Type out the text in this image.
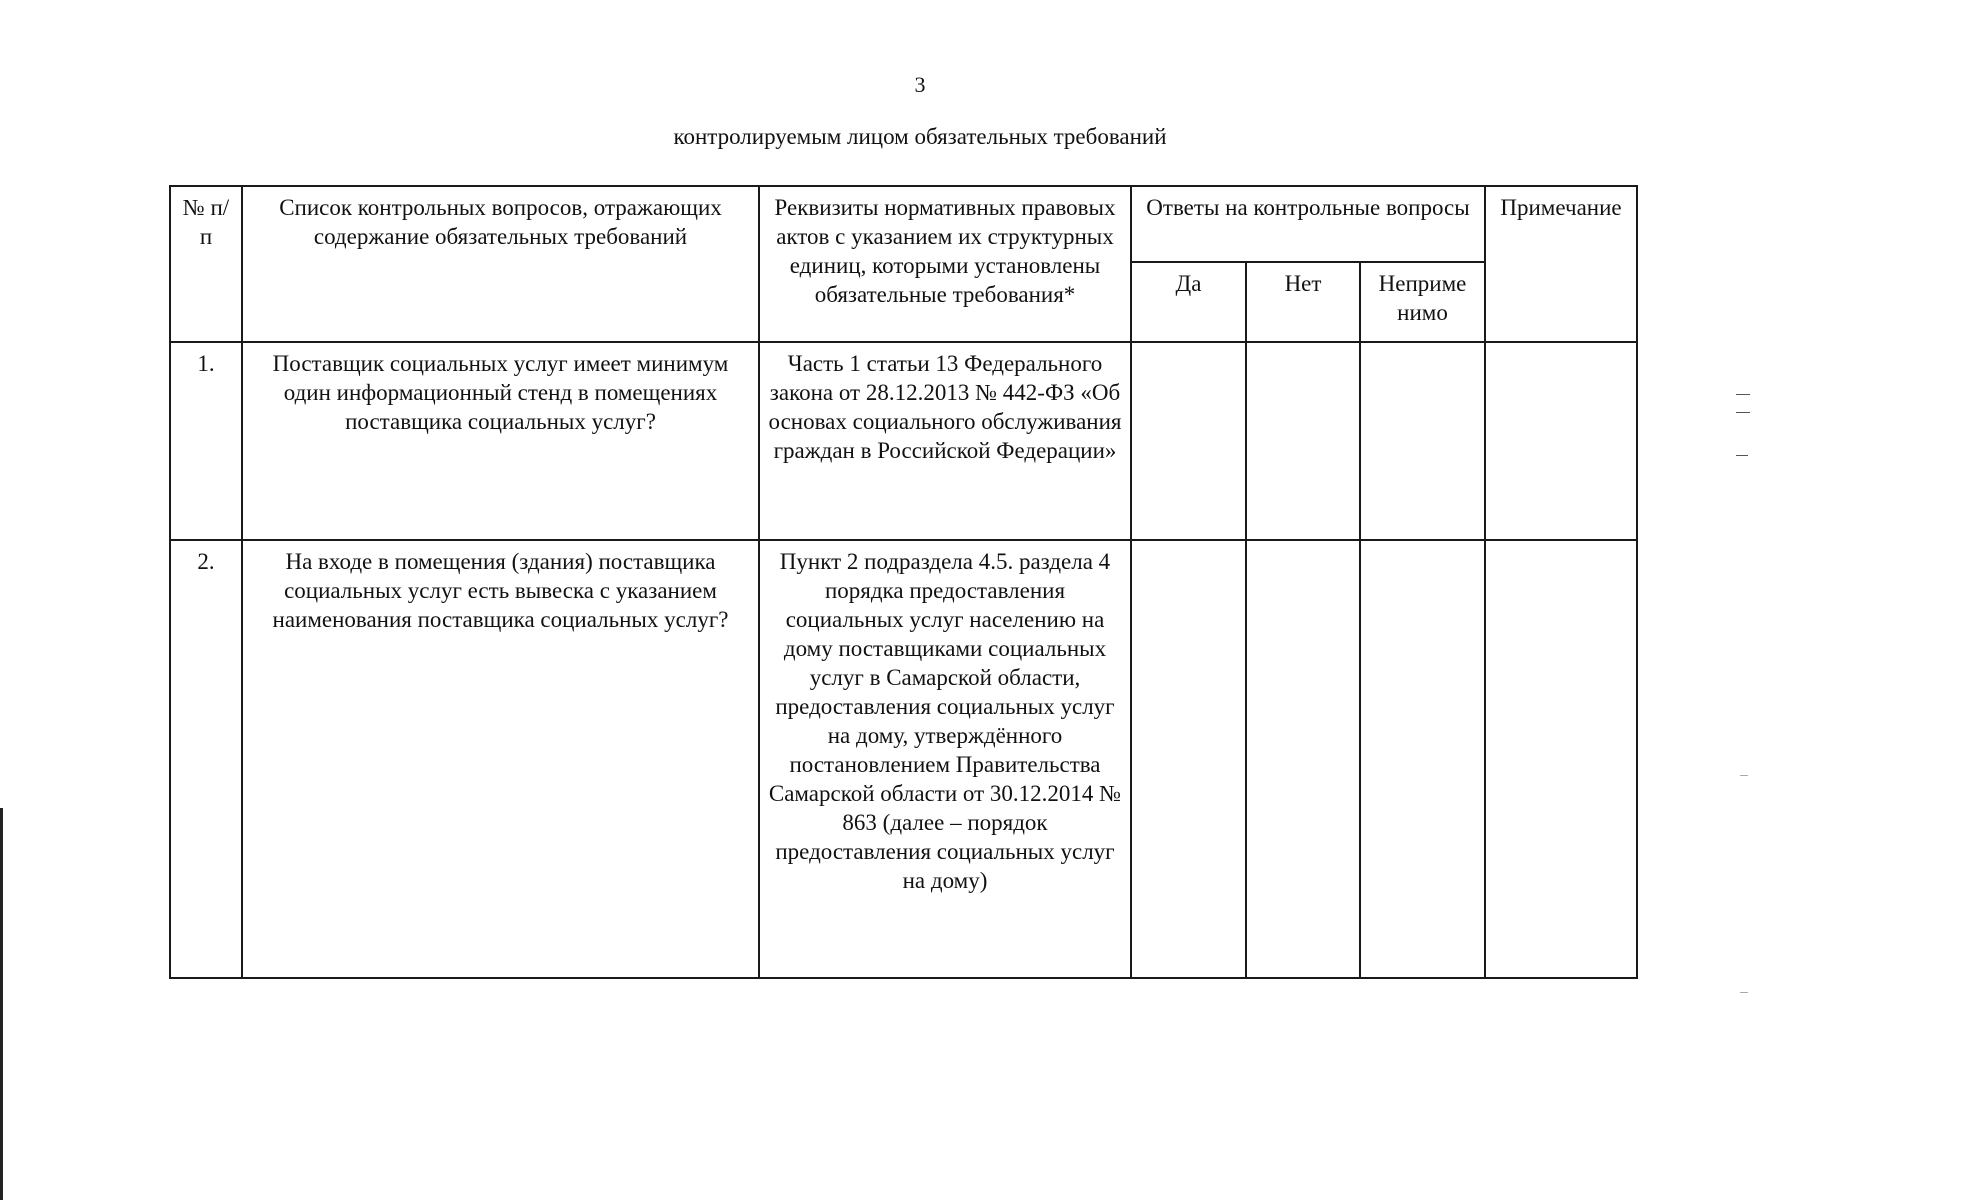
3
контролируемым лицом обязательных требований
№ п/п	Список контрольных вопросов, отражающих содержание обязательных требований	Реквизиты нормативных правовых актов с указанием их структурных единиц, которыми установлены обязательные требования*	Ответы на контрольные вопросы			Примечание
			Да	Нет	Неприме нимо	
1.	Поставщик социальных услуг имеет минимум один информационный стенд в помещениях поставщика социальных услуг?	Часть 1 статьи 13 Федерального закона от 28.12.2013 № 442-ФЗ «Об основах социального обслуживания граждан в Российской Федерации»				
2.	На входе в помещения (здания) поставщика социальных услуг есть вывеска с указанием наименования поставщика социальных услуг?	Пункт 2 подраздела 4.5. раздела 4 порядка предоставления социальных услуг населению на дому поставщиками социальных услуг в Самарской области, предоставления социальных услуг на дому, утверждённого постановлением Правительства Самарской области от 30.12.2014 № 863 (далее – порядок предоставления социальных услуг на дому)				
